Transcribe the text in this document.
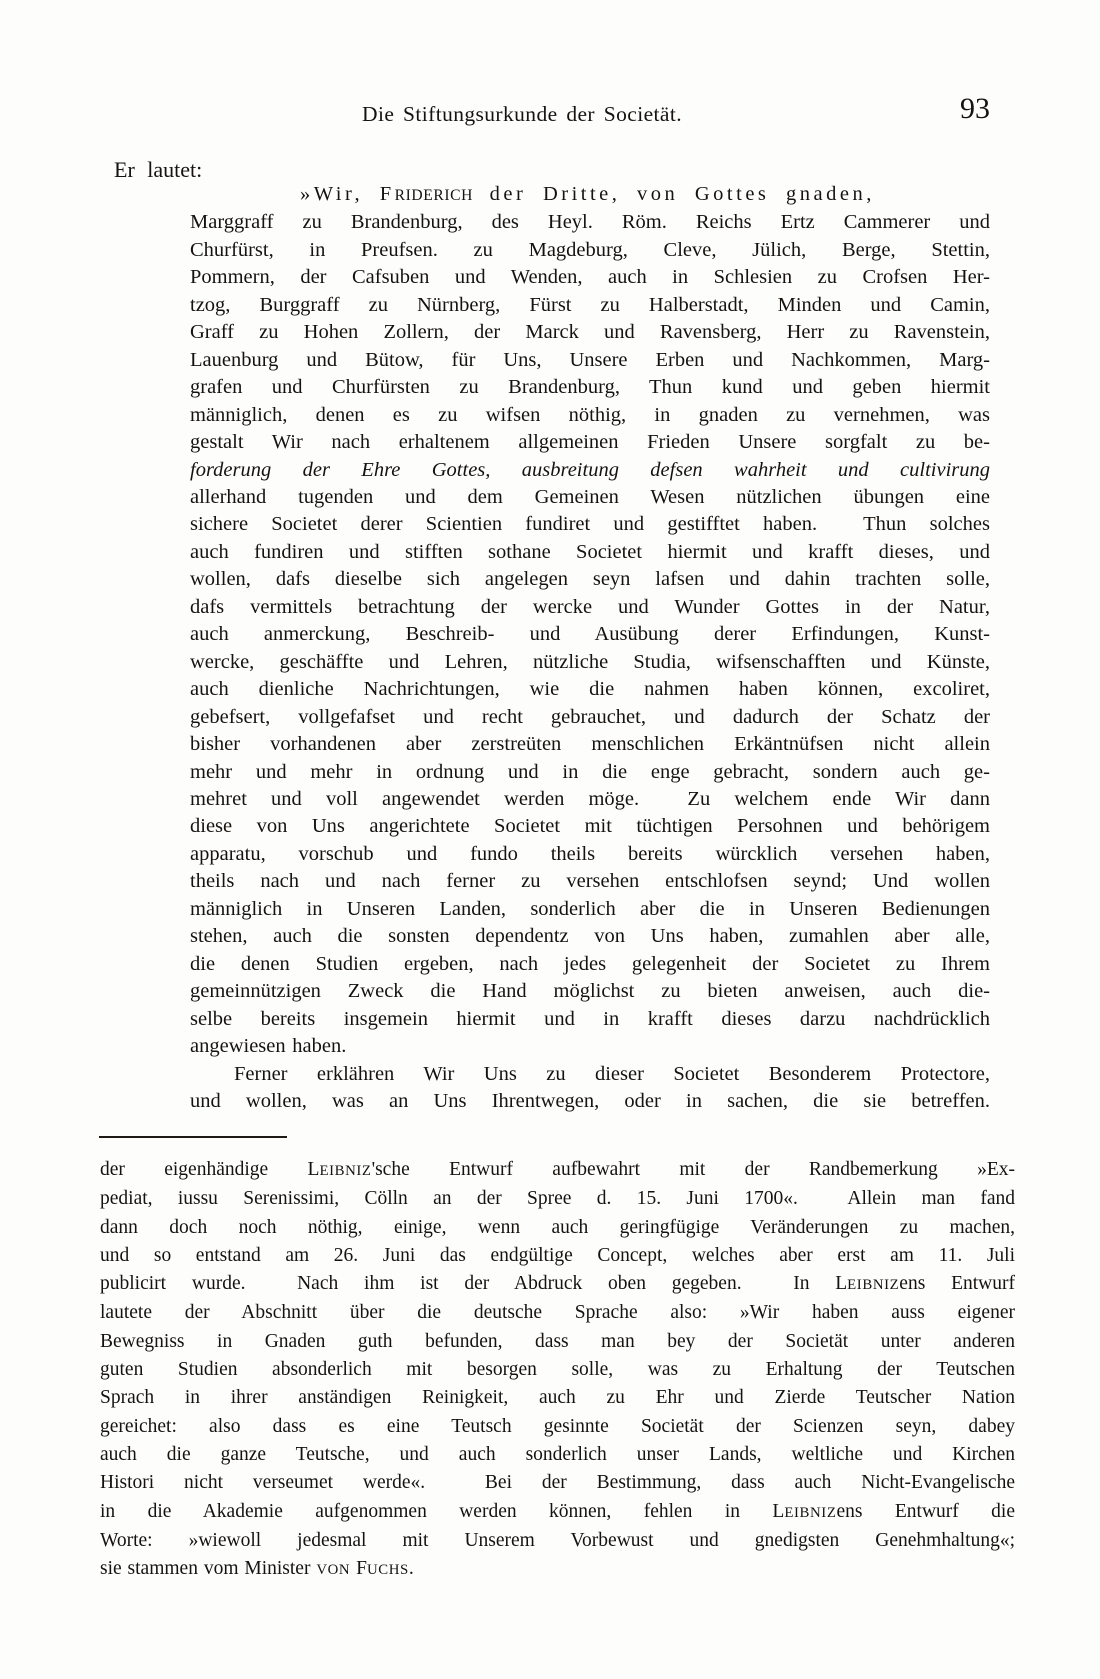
Die Stiftungsurkunde der Societät.	93
Er lautet:
»Wir, FRIDERICH der Dritte, von Gottes gnaden,
Marggraff zu Brandenburg, des Heyl. Röm. Reichs Ertz Cammerer und
Churfürst, in Preufsen. zu Magdeburg, Cleve, Jülich, Berge, Stettin,
Pommern, der Cafsuben und Wenden, auch in Schlesien zu Crofsen Her-
tzog, Burggraff zu Nürnberg, Fürst zu Halberstadt, Minden und Camin,
Graff zu Hohen Zollern, der Marck und Ravensberg, Herr zu Ravenstein,
Lauenburg und Bütow, für Uns, Unsere Erben und Nachkommen, Marg-
grafen und Churfürsten zu Brandenburg, Thun kund und geben hiermit
männiglich, denen es zu wifsen nöthig, in gnaden zu vernehmen, was
gestalt Wir nach erhaltenem allgemeinen Frieden Unsere sorgfalt zu be-
forderung der Ehre Gottes, ausbreitung defsen wahrheit und cultivirung
allerhand tugenden und dem Gemeinen Wesen nützlichen übungen eine
sichere Societet derer Scientien fundiret und gestifftet haben.  Thun solches
auch fundiren und stifften sothane Societet hiermit und krafft dieses, und
wollen, dafs dieselbe sich angelegen seyn lafsen und dahin trachten solle,
dafs vermittels betrachtung der wercke und Wunder Gottes in der Natur,
auch anmerckung, Beschreib- und Ausübung derer Erfindungen, Kunst-
wercke, geschäffte und Lehren, nützliche Studia, wifsenschafften und Künste,
auch dienliche Nachrichtungen, wie die nahmen haben können, excoliret,
gebefsert, vollgefafset und recht gebrauchet, und dadurch der Schatz der
bisher vorhandenen aber zerstreüten menschlichen Erkäntnüfsen nicht allein
mehr und mehr in ordnung und in die enge gebracht, sondern auch ge-
mehret und voll angewendet werden möge.  Zu welchem ende Wir dann
diese von Uns angerichtete Societet mit tüchtigen Persohnen und behörigem
apparatu, vorschub und fundo theils bereits würcklich versehen haben,
theils nach und nach ferner zu versehen entschlofsen seynd; Und wollen
männiglich in Unseren Landen, sonderlich aber die in Unseren Bedienungen
stehen, auch die sonsten dependentz von Uns haben, zumahlen aber alle,
die denen Studien ergeben, nach jedes gelegenheit der Societet zu Ihrem
gemeinnützigen Zweck die Hand möglichst zu bieten anweisen, auch die-
selbe bereits insgemein hiermit und in krafft dieses darzu nachdrücklich
angewiesen haben.
Ferner erklähren Wir Uns zu dieser Societet Besonderem Protectore,
und wollen, was an Uns Ihrentwegen, oder in sachen, die sie betreffen.
der eigenhändige LEIBNIZ'sche Entwurf aufbewahrt mit der Randbemerkung »Ex-
pediat, iussu Serenissimi, Cölln an der Spree d. 15. Juni 1700«.  Allein man fand
dann doch noch nöthig, einige, wenn auch geringfügige Veränderungen zu machen,
und so entstand am 26. Juni das endgültige Concept, welches aber erst am 11. Juli
publicirt wurde.  Nach ihm ist der Abdruck oben gegeben.  In LEIBNIZens Entwurf
lautete der Abschnitt über die deutsche Sprache also: »Wir haben auss eigener
Bewegniss in Gnaden guth befunden, dass man bey der Societät unter anderen
guten Studien absonderlich mit besorgen solle, was zu Erhaltung der Teutschen
Sprach in ihrer anständigen Reinigkeit, auch zu Ehr und Zierde Teutscher Nation
gereichet: also dass es eine Teutsch gesinnte Societät der Scienzen seyn, dabey
auch die ganze Teutsche, und auch sonderlich unser Lands, weltliche und Kirchen
Histori nicht verseumet werde«.  Bei der Bestimmung, dass auch Nicht-Evangelische
in die Akademie aufgenommen werden können, fehlen in LEIBNIZens Entwurf die
Worte: »wiewoll jedesmal mit Unserem Vorbewust und gnedigsten Genehmhaltung«;
sie stammen vom Minister VON FUCHS.
